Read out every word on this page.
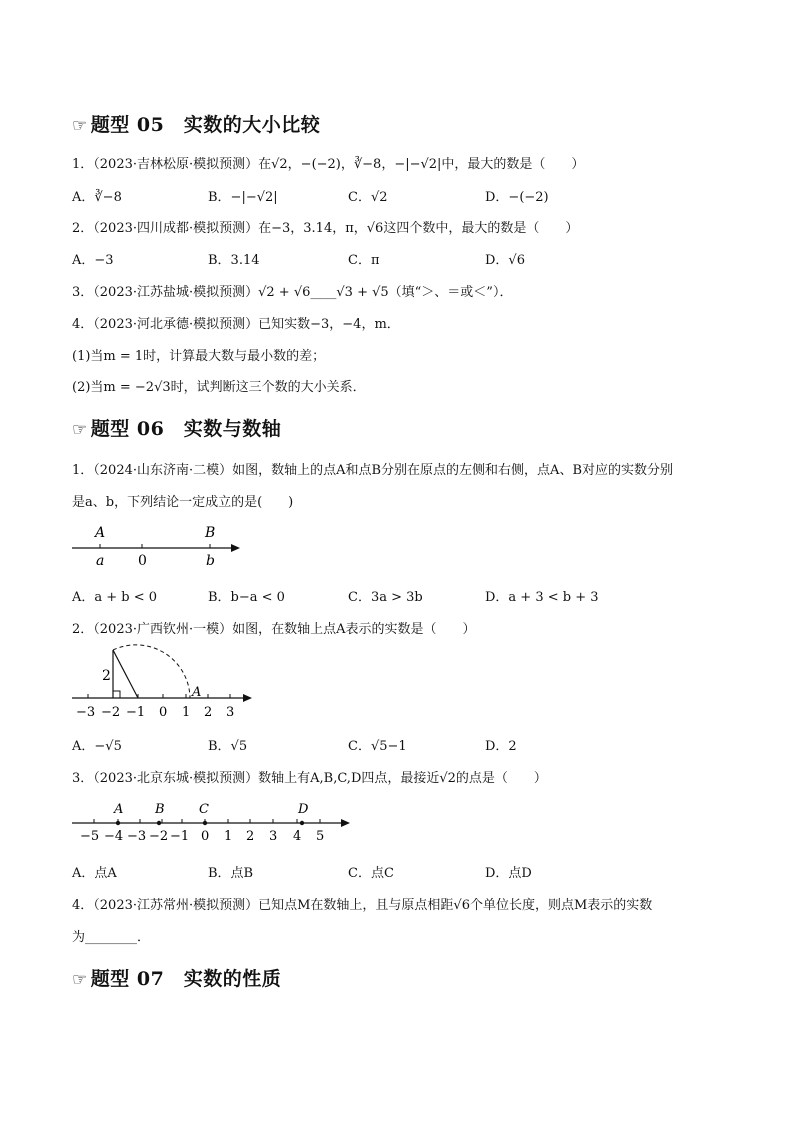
☞ 题型 05　实数的大小比较
1．（2023·吉林松原·模拟预测）在√2，−(−2)，∛−8，−|−√2|中，最大的数是（　　）
A．∛−8	B．−|−√2|	C．√2	D．−(−2)
2．（2023·四川成都·模拟预测）在−3，3.14，π，√6这四个数中，最大的数是（　　）
A．−3	B．3.14	C．π	D．√6
3．（2023·江苏盐城·模拟预测）√2 + √6____√3 + √5（填“＞、＝或＜”）．
4．（2023·河北承德·模拟预测）已知实数−3，−4，m．
(1)当m = 1时，计算最大数与最小数的差；
(2)当m = −2√3时，试判断这三个数的大小关系．
☞ 题型 06　实数与数轴
1．（2024·山东济南·二模）如图，数轴上的点A和点B分别在原点的左侧和右侧，点A、B对应的实数分别
是a、b，下列结论一定成立的是(　　)
A	B
a 0	b
A．a + b < 0	B．b−a < 0	C．3a > 3b	D．a + 3 < b + 3
2．（2023·广西钦州·一模）如图，在数轴上点A表示的实数是（　　）
2
A
−3 −2 −1 0 1 2 3
A．−√5	B．√5	C．√5−1	D．2
3．（2023·北京东城·模拟预测）数轴上有A,B,C,D四点，最接近√2的点是（　　）
A B	C	D
−5 −4 −3 −2 −1 0 1 2 3 4 5
A．点A	B．点B	C．点C	D．点D
4．（2023·江苏常州·模拟预测）已知点M在数轴上，且与原点相距√6个单位长度，则点M表示的实数
为________．
☞ 题型 07　实数的性质
